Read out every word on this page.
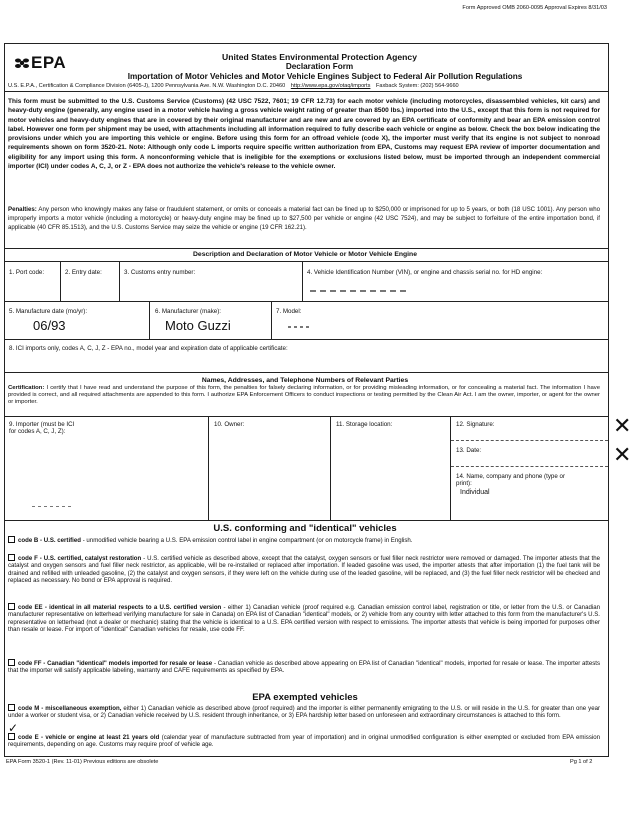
Form Approved OMB 2060-0095 Approval Expires 8/31/03
EPA	United States Environmental Protection Agency
Declaration Form
Importation of Motor Vehicles and Motor Vehicle Engines Subject to Federal Air Pollution Regulations
U.S. E.P.A., Certification & Compliance Division (6405-J), 1200 Pennsylvania Ave. N.W. Washington D.C. 20460 http://www.epa.gov/otaq/imports Faxback System: (202) 564-9660
This form must be submitted to the U.S. Customs Service (Customs) (42 USC 7522, 7601; 19 CFR 12.73) for each motor vehicle (including motorcycles, disassembled vehicles, kit cars) and heavy-duty engine (generally, any engine used in a motor vehicle having a gross vehicle weight rating of greater than 8500 lbs.) imported into the U.S., except that this form is not required for motor vehicles and heavy-duty engines that are in covered by their original manufacturer and are new and are covered by an EPA certificate of conformity and bear an EPA emission control label. However one form per shipment may be used, with attachments including all information required to fully describe each vehicle or engine as below. Check the box below indicating the provisions under which you are importing this vehicle or engine. Before using this form for an offroad vehicle (code X), the importer must verify that its engine is not subject to nonroad requirements shown on form 3520-21. Note: Although only code L imports require specific written authorization from EPA, Customs may request EPA review of importer documentation and eligibility for any import using this form. A nonconforming vehicle that is ineligible for the exemptions or exclusions listed below, must be imported through an independent commercial importer (ICI) under codes A, C, J, or Z - EPA does not authorize the vehicle's release to the vehicle owner.
Penalties: Any person who knowingly makes any false or fraudulent statement, or omits or conceals a material fact can be fined up to $250,000 or imprisoned for up to 5 years, or both (18 USC 1001). Any person who improperly imports a motor vehicle (including a motorcycle) or heavy-duty engine may be fined up to $27,500 per vehicle or engine (42 USC 7524), and may be subject to forfeiture of the entire importation bond, if applicable (40 CFR 85.1513), and the U.S. Customs Service may seize the vehicle or engine (19 CFR 162.21).
Description and Declaration of Motor Vehicle or Motor Vehicle Engine
1. Port code:	2. Entry date:	3. Customs entry number:	4. Vehicle Identification Number (VIN), or engine and chassis serial no. for HD engine:
5. Manufacture date (mo/yr):
06/93
6. Manufacturer (make):
Moto Guzzi
7. Model:
8. ICI imports only, codes A, C, J, Z - EPA no., model year and expiration date of applicable certificate:
Names, Addresses, and Telephone Numbers of Relevant Parties
Certification: I certify that I have read and understand the purpose of this form, the penalties for falsely declaring information, or for providing misleading information, or for concealing a material fact. The information I have provided is correct, and all required attachments are appended to this form. I authorize EPA Enforcement Officers to conduct inspections or testing permitted by the Clean Air Act. I am the owner, importer, or agent for the owner or importer.
9. Importer (must be ICI for codes A, C, J, Z):
10. Owner:	11. Storage location:	12. Signature:
13. Date:
14. Name, company and phone (type or print):
Individual
✕
✕
U.S. conforming and "identical" vehicles
code B - U.S. certified - unmodified vehicle bearing a U.S. EPA emission control label in engine compartment (or on motorcycle frame) in English.
code F - U.S. certified, catalyst restoration - U.S. certified vehicle as described above, except that the catalyst, oxygen sensors or fuel filler neck restrictor were removed or damaged. The importer attests that the catalyst and oxygen sensors and fuel filler neck restrictor, as applicable, will be re-installed or replaced after importation. If leaded gasoline was used, the importer attests that after importation (1) the fuel tank will be drained and refilled with unleaded gasoline, (2) the catalyst and oxygen sensors, if they were left on the vehicle during use of the leaded gasoline, will be replaced, and (3) the fuel filler neck restrictor will be checked and replaced as necessary. No bond or EPA approval is required.
code EE - identical in all material respects to a U.S. certified version - either 1) Canadian vehicle (proof required e.g. Canadian emission control label, registration or title, or letter from the U.S. or Canadian manufacturer representative on letterhead verifying manufacture for sale in Canada) on EPA list of Canadian "identical" models, or 2) vehicle from any country with letter attached to this form from the manufacturer's U.S. representative on letterhead (not a dealer or mechanic) stating that the vehicle is identical to a U.S. EPA certified version with respect to emissions. The importer attests that vehicle is being imported for purposes other than resale or lease. For import of "identical" Canadian vehicles for resale, use code FF.
code FF - Canadian "identical" models imported for resale or lease - Canadian vehicle as described above appearing on EPA list of Canadian "identical" models, imported for resale or lease. The importer attests that the importer will satisfy applicable labeling, warranty and CAFE requirements as specified by EPA.
EPA exempted vehicles
code M - miscellaneous exemption, either 1) Canadian vehicle as described above (proof required) and the importer is either permanently emigrating to the U.S. or will reside in the U.S. for greater than one year under a worker or student visa, or 2) Canadian vehicle received by U.S. resident through inheritance, or 3) EPA hardship letter based on unforeseen and extraordinary circumstances is attached to this form.
✓
code E - vehicle or engine at least 21 years old (calendar year of manufacture subtracted from year of importation) and in original unmodified configuration is either exempted or excluded from EPA emission requirements, depending on age. Customs may require proof of vehicle age.
EPA Form 3520-1 (Rev. 11-01) Previous editions are obsolete	Pg 1 of 2
